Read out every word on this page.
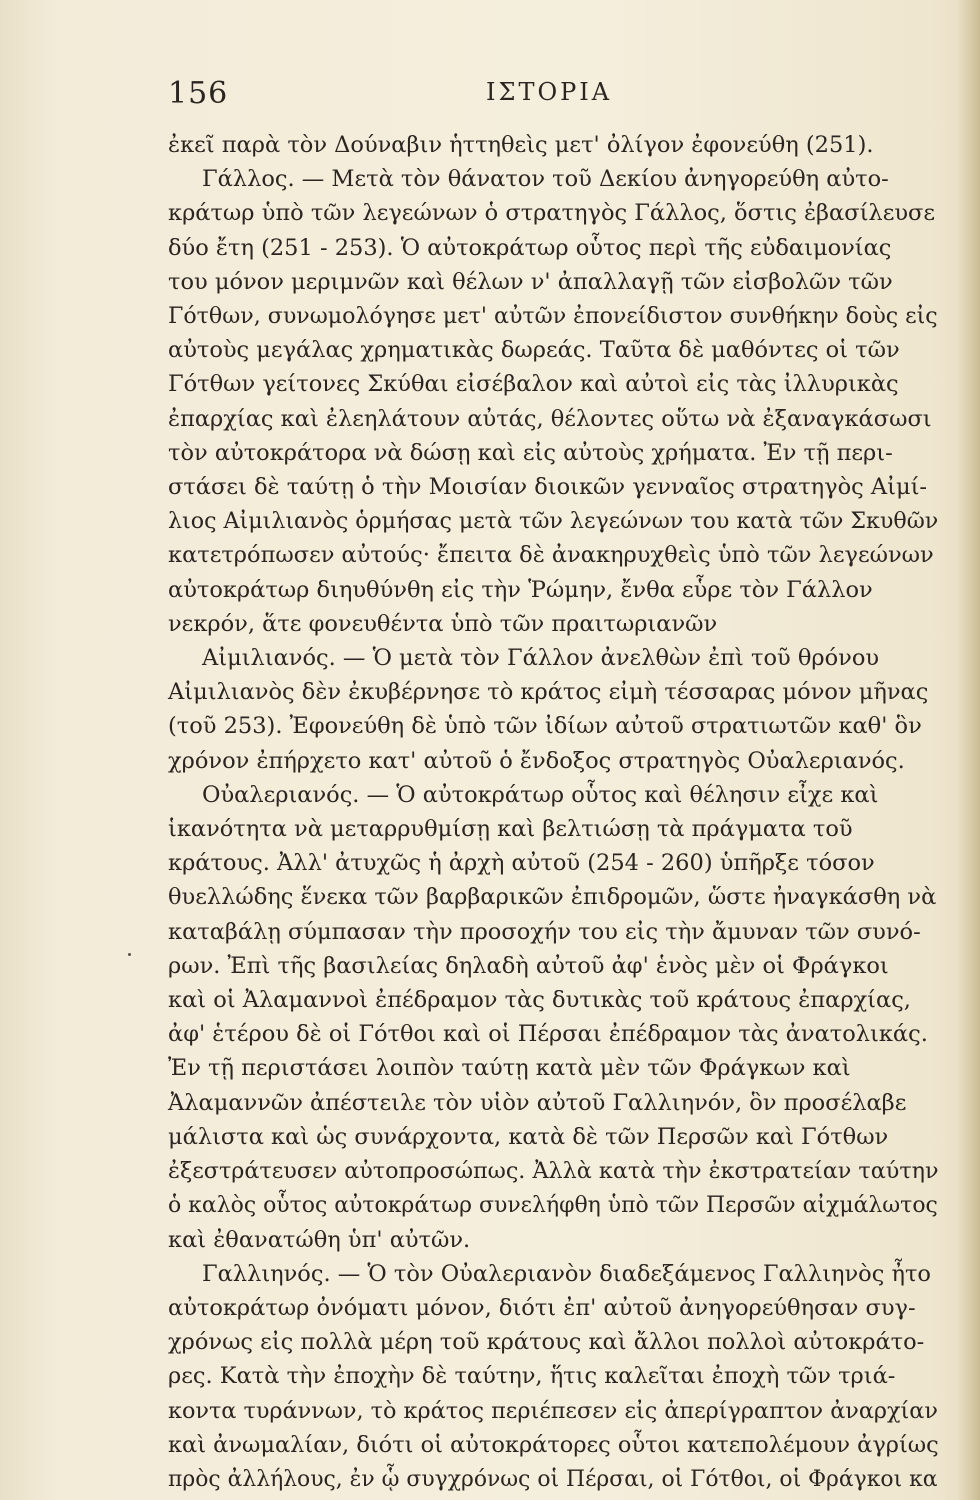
156	ΙΣΤΟΡΙΑ
ἐκεῖ παρὰ τὸν Δούναβιν ἡττηθεὶς μετ' ὀλίγον ἐφονεύθη (251).
Γάλλος. — Μετὰ τὸν θάνατον τοῦ Δεκίου ἀνηγορεύθη αὐτο-
κράτωρ ὑπὸ τῶν λεγεώνων ὁ στρατηγὸς Γάλλος, ὅστις ἐβασίλευσε
δύο ἔτη (251 - 253). Ὁ αὐτοκράτωρ οὗτος περὶ τῆς εὐδαιμονίας
του μόνον μεριμνῶν καὶ θέλων ν' ἀπαλλαγῇ τῶν εἰσβολῶν τῶν
Γότθων, συνωμολόγησε μετ' αὐτῶν ἐπονείδιστον συνθήκην δοὺς εἰς
αὐτοὺς μεγάλας χρηματικὰς δωρεάς. Ταῦτα δὲ μαθόντες οἱ τῶν
Γότθων γείτονες Σκύθαι εἰσέβαλον καὶ αὐτοὶ εἰς τὰς ἰλλυρικὰς
ἐπαρχίας καὶ ἐλεηλάτουν αὐτάς, θέλοντες οὕτω νὰ ἐξαναγκάσωσι
τὸν αὐτοκράτορα νὰ δώσῃ καὶ εἰς αὐτοὺς χρήματα. Ἐν τῇ περι-
στάσει δὲ ταύτῃ ὁ τὴν Μοισίαν διοικῶν γενναῖος στρατηγὸς Αἰμί-
λιος Αἰμιλιανὸς ὁρμήσας μετὰ τῶν λεγεώνων του κατὰ τῶν Σκυθῶν
κατετρόπωσεν αὐτούς· ἔπειτα δὲ ἀνακηρυχθεὶς ὑπὸ τῶν λεγεώνων
αὐτοκράτωρ διηυθύνθη εἰς τὴν Ῥώμην, ἔνθα εὗρε τὸν Γάλλον
νεκρόν, ἅτε φονευθέντα ὑπὸ τῶν πραιτωριανῶν
Αἰμιλιανός. — Ὁ μετὰ τὸν Γάλλον ἀνελθὼν ἐπὶ τοῦ θρόνου
Αἰμιλιανὸς δὲν ἐκυβέρνησε τὸ κράτος εἰμὴ τέσσαρας μόνον μῆνας
(τοῦ 253). Ἐφονεύθη δὲ ὑπὸ τῶν ἰδίων αὐτοῦ στρατιωτῶν καθ' ὃν
χρόνον ἐπήρχετο κατ' αὐτοῦ ὁ ἔνδοξος στρατηγὸς Οὐαλεριανός.
Οὐαλεριανός. — Ὁ αὐτοκράτωρ οὗτος καὶ θέλησιν εἶχε καὶ
ἱκανότητα νὰ μεταρρυθμίσῃ καὶ βελτιώσῃ τὰ πράγματα τοῦ
κράτους. Ἀλλ' ἀτυχῶς ἡ ἀρχὴ αὐτοῦ (254 - 260) ὑπῆρξε τόσον
θυελλώδης ἕνεκα τῶν βαρβαρικῶν ἐπιδρομῶν, ὥστε ἠναγκάσθη νὰ
καταβάλῃ σύμπασαν τὴν προσοχήν του εἰς τὴν ἄμυναν τῶν συνό-
ρων. Ἐπὶ τῆς βασιλείας δηλαδὴ αὐτοῦ ἀφ' ἑνὸς μὲν οἱ Φράγκοι
καὶ οἱ Ἀλαμαννοὶ ἐπέδραμον τὰς δυτικὰς τοῦ κράτους ἐπαρχίας,
ἀφ' ἑτέρου δὲ οἱ Γότθοι καὶ οἱ Πέρσαι ἐπέδραμον τὰς ἀνατολικάς.
Ἐν τῇ περιστάσει λοιπὸν ταύτῃ κατὰ μὲν τῶν Φράγκων καὶ
Ἀλαμαννῶν ἀπέστειλε τὸν υἱὸν αὐτοῦ Γαλλιηνόν, ὃν προσέλαβε
μάλιστα καὶ ὡς συνάρχοντα, κατὰ δὲ τῶν Περσῶν καὶ Γότθων
ἐξεστράτευσεν αὐτοπροσώπως. Ἀλλὰ κατὰ τὴν ἐκστρατείαν ταύτην
ὁ καλὸς οὗτος αὐτοκράτωρ συνελήφθη ὑπὸ τῶν Περσῶν αἰχμάλωτος
καὶ ἐθανατώθη ὑπ' αὐτῶν.
Γαλλιηνός. — Ὁ τὸν Οὐαλεριανὸν διαδεξάμενος Γαλλιηνὸς ἦτο
αὐτοκράτωρ ὀνόματι μόνον, διότι ἐπ' αὐτοῦ ἀνηγορεύθησαν συγ-
χρόνως εἰς πολλὰ μέρη τοῦ κράτους καὶ ἄλλοι πολλοὶ αὐτοκράτο-
ρες. Κατὰ τὴν ἐποχὴν δὲ ταύτην, ἥτις καλεῖται ἐποχὴ τῶν τριά-
κοντα τυράννων, τὸ κράτος περιέπεσεν εἰς ἀπερίγραπτον ἀναρχίαν
καὶ ἀνωμαλίαν, διότι οἱ αὐτοκράτορες οὗτοι κατεπολέμουν ἀγρίως
πρὸς ἀλλήλους, ἐν ᾧ συγχρόνως οἱ Πέρσαι, οἱ Γότθοι, οἱ Φράγκοι κα
